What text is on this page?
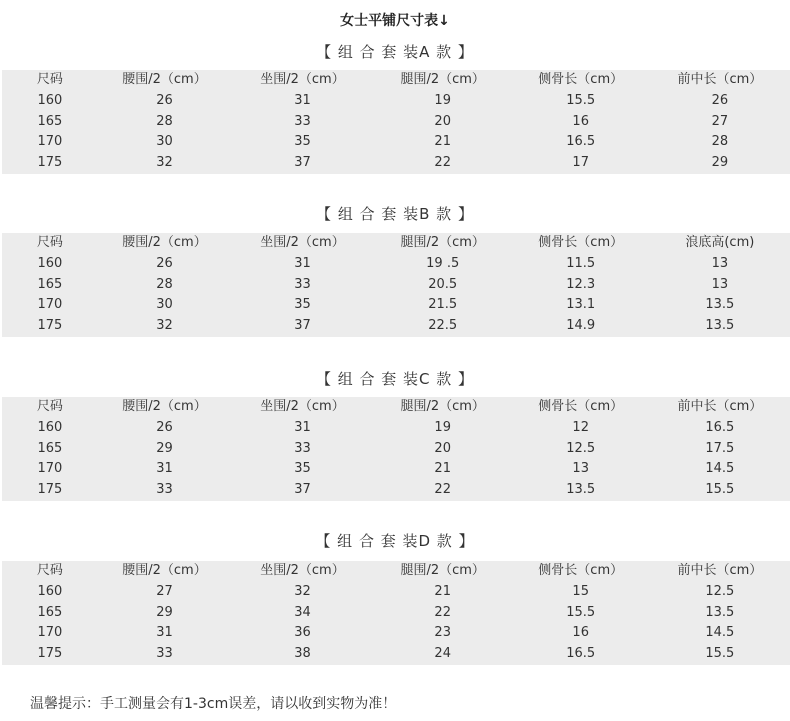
女士平铺尺寸表↓
【 组 合 套 装A 款 】
尺码	腰围/2（cm）	坐围/2（cm）	腿围/2（cm）	侧骨长（cm）	前中长（cm）
160	26	31	19	15.5	26
165	28	33	20	16	27
170	30	35	21	16.5	28
175	32	37	22	17	29
【 组 合 套 装B 款 】
尺码	腰围/2（cm）	坐围/2（cm）	腿围/2（cm）	侧骨长（cm）	浪底高(cm)
160	26	31	19 .5	11.5	13
165	28	33	20.5	12.3	13
170	30	35	21.5	13.1	13.5
175	32	37	22.5	14.9	13.5
【 组 合 套 装C 款 】
尺码	腰围/2（cm）	坐围/2（cm）	腿围/2（cm）	侧骨长（cm）	前中长（cm）
160	26	31	19	12	16.5
165	29	33	20	12.5	17.5
170	31	35	21	13	14.5
175	33	37	22	13.5	15.5
【 组 合 套 装D 款 】
尺码	腰围/2（cm）	坐围/2（cm）	腿围/2（cm）	侧骨长（cm）	前中长（cm）
160	27	32	21	15	12.5
165	29	34	22	15.5	13.5
170	31	36	23	16	14.5
175	33	38	24	16.5	15.5
温馨提示：手工测量会有1-3cm误差，请以收到实物为准！
